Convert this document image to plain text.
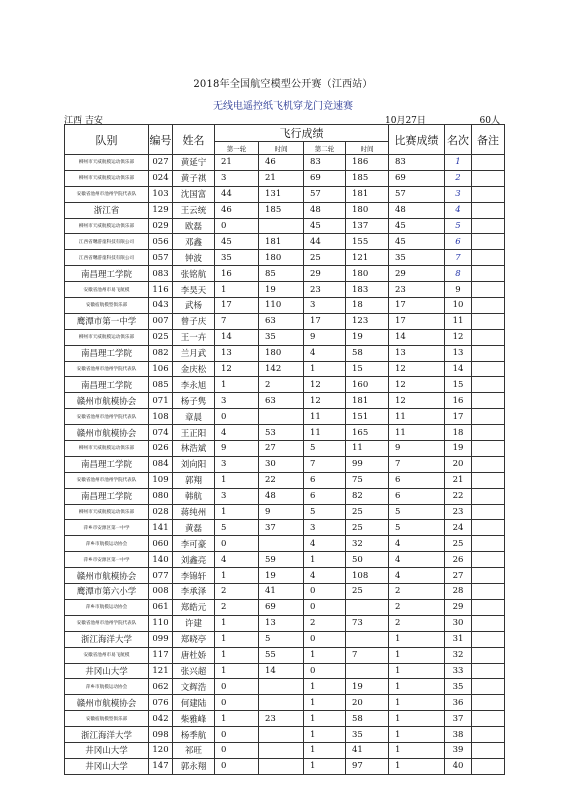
2018年全国航空模型公开赛（江西站）
无线电遥控纸飞机穿龙门竞速赛
江西 吉安	10月27日	60人
队别	编号	姓名	飞行成绩				比赛成绩	名次	备注
			第一轮	时间	第二轮	时间			
柳州市天威航模运动俱乐部	027	黄延宁	21	46	83	186	83	1	
柳州市天威航模运动俱乐部	024	黄子祺	3	21	69	185	69	2	
安徽省池州市池州学院代表队	103	沈国富	44	131	57	181	57	3	
浙江省	129	王云统	46	185	48	180	48	4	
柳州市天威航模运动俱乐部	029	欧磊	0		45	137	45	5	
江西省曙游童科技有限公司	056	邓鑫	45	181	44	155	45	6	
江西省曙游童科技有限公司	057	钟波	35	180	25	121	35	7	
南昌理工学院	083	张铭航	16	85	29	180	29	8	
安徽省池州市易飞航模	116	李昊天	1	19	23	183	23	9	
安徽宿航模型俱乐部	043	武杨	17	110	3	18	17	10	
鹰潭市第一中学	007	曾子庆	7	63	17	123	17	11	
柳州市天威航模运动俱乐部	025	王一卉	14	35	9	19	14	12	
南昌理工学院	082	兰月武	13	180	4	58	13	13	
安徽省池州市池州学院代表队	106	金庆松	12	142	1	15	12	14	
南昌理工学院	085	李永旭	1	2	12	160	12	15	
赣州市航模协会	071	杨子隽	3	63	12	181	12	16	
安徽省池州市池州学院代表队	108	章晨	0		11	151	11	17	
赣州市航模协会	074	王正阳	4	53	11	165	11	18	
柳州市天威航模运动俱乐部	026	林浩斌	9	27	5	11	9	19	
南昌理工学院	084	刘向阳	3	30	7	99	7	20	
安徽省池州市池州学院代表队	109	郭翔	1	22	6	75	6	21	
南昌理工学院	080	韩航	3	48	6	82	6	22	
柳州市天威航模运动俱乐部	028	蒋纯州	1	9	5	25	5	23	
萍乡市安源区第一中学	141	黄磊	5	37	3	25	5	24	
萍乡市航模运动协会	060	李可豪	0		4	32	4	25	
萍乡市安源区第一中学	140	刘鑫亮	4	59	1	50	4	26	
赣州市航模协会	077	李锦轩	1	19	4	108	4	27	
鹰潭市第六小学	008	李承泽	2	41	0	25	2	28	
萍乡市航模运动协会	061	郑皓元	2	69	0		2	29	
安徽省池州市池州学院代表队	110	许建	1	13	2	73	2	30	
浙江海洋大学	099	郑晓亭	1	5	0		1	31	
安徽省池州市易飞航模	117	唐杜娇	1	55	1	7	1	32	
井冈山大学	121	张兴超	1	14	0		1	33	
萍乡市航模运动协会	062	文辉浩	0		1	19	1	35	
赣州市航模协会	076	何建陆	0		1	20	1	36	
安徽宿航模型俱乐部	042	柴雅峰	1	23	1	58	1	37	
浙江海洋大学	098	杨季航	0		1	35	1	38	
井冈山大学	120	祁旺	0		1	41	1	39	
井冈山大学	147	郭永翔	0		1	97	1	40	
